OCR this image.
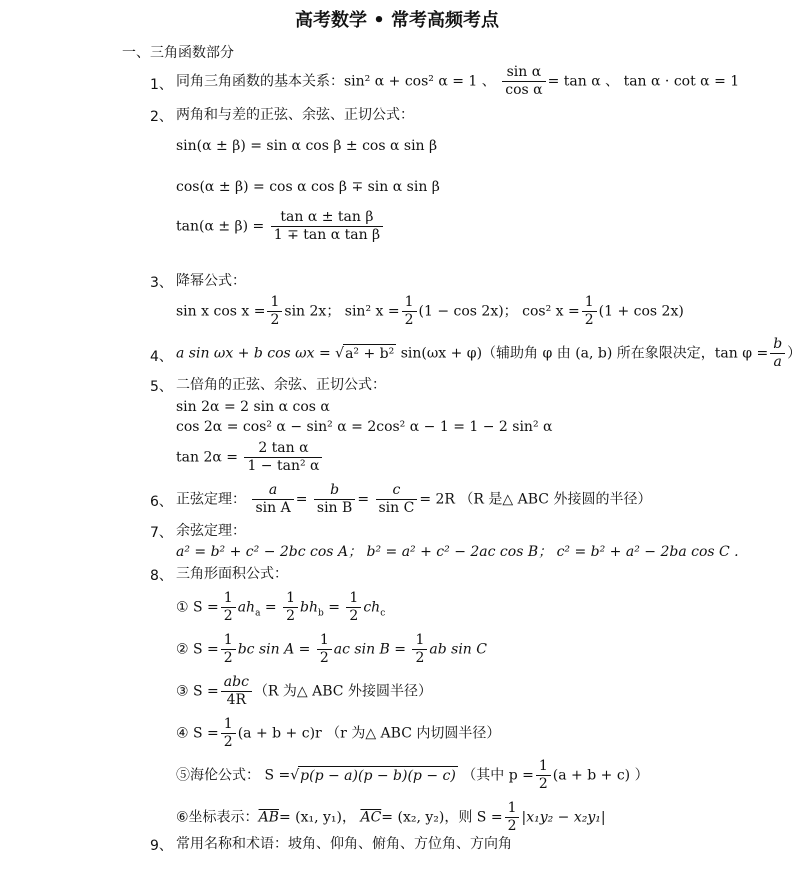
高考数学 • 常考高频考点
一、三角函数部分
1、 同角三角函数的基本关系：sin² α + cos² α = 1 、 $\frac{\text{sin α}}{\text{cos α}} = \tan \alpha$ 、 tan α · cot α = 1
2、 两角和与差的正弦、余弦、正切公式：
sin(α ± β) = sin α cos β ± cos α sin β
cos(α ± β) = cos α cos β ∓ sin α sin β
$\tan(\alpha \pm \beta) = \frac{\text{tan α ± tan β}}{\text{1 ∓ tan α tan β}}$
3、 降幂公式：
sin x $\cos x = \frac{1}{2}$ sin 2x； sin² $x = \frac{1}{2} (1 - \cos 2x)$； cos² $x = \frac{1}{2} (1 + \cos 2x)$
4、 a sin ωx + b cos ωx = √a² + b² sin(ωx + φ)（辅助角 φ 由 (a, b) 所在象限决定，$\tan \varphi = \frac{b}{a}$ ）
5、 二倍角的正弦、余弦、正切公式：
sin 2α = 2 sin α cos α
cos 2α = cos² α − sin² α = 2cos² α − 1 = 1 − 2 sin² α
$\tan 2\alpha = \frac{\text{2 tan α}}{\text{1 − tan² α}}$
6、 正弦定理： $\frac{a}{\text{sin A}} = \frac{b}{\text{sin B}} = \frac{c}{\text{sin C}} = 2R$ （R 是△ ABC 外接圆的半径）
7、 余弦定理：
a² = b² + c² − 2bc cos A； b² = a² + c² − 2ac cos B； c² = b² + a² − 2ba cos C .
8、 三角形面积公式：
① $S = \frac{1}{2} ah_a = \frac{1}{2} bh_b = \frac{1}{2} ch_c$
② $S = \frac{1}{2}$ bc $\sin A = \frac{1}{2}$ ac $\sin B = \frac{1}{2}$ ab sin C
③ $S = \frac{\text{abc}}{4R} (R$ 为△ ABC 外接圆半径）
④ $S = \frac{1}{2} (a + b + c)r$ （r 为△ ABC 内切圆半径）
⑤海伦公式： S =√p(p − a)(p − b)(p − c) （其中 $p = \frac{1}{2} (a + b + c)$ ）
⑥坐标表示：$\overline{AB}= (x_1$, y₁)， $\overline{AC}= (x_2$, y₂)，则 $S = \frac{1}{2} |x_1y_2 - x_2y_1|$
9、 常用名称和术语：坡角、仰角、俯角、方位角、方向角
